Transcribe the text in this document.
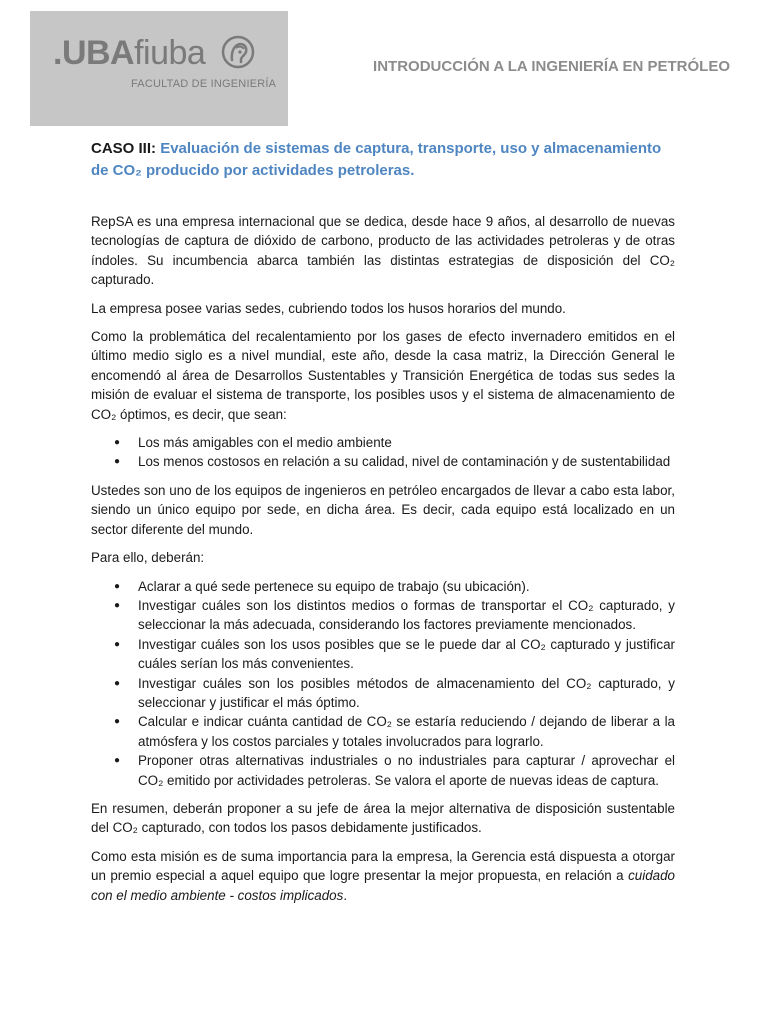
.UBAfiuba
FACULTAD DE INGENIERÍA
INTRODUCCIÓN A LA INGENIERÍA EN PETRÓLEO
CASO III: Evaluación de sistemas de captura, transporte, uso y almacenamiento de CO₂ producido por actividades petroleras.

RepSA es una empresa internacional que se dedica, desde hace 9 años, al desarrollo de nuevas tecnologías de captura de dióxido de carbono, producto de las actividades petroleras y de otras índoles. Su incumbencia abarca también las distintas estrategias de disposición del CO₂ capturado.

La empresa posee varias sedes, cubriendo todos los husos horarios del mundo.

Como la problemática del recalentamiento por los gases de efecto invernadero emitidos en el último medio siglo es a nivel mundial, este año, desde la casa matriz, la Dirección General le encomendó al área de Desarrollos Sustentables y Transición Energética de todas sus sedes la misión de evaluar el sistema de transporte, los posibles usos y el sistema de almacenamiento de CO₂ óptimos, es decir, que sean:

● Los más amigables con el medio ambiente
● Los menos costosos en relación a su calidad, nivel de contaminación y de sustentabilidad

Ustedes son uno de los equipos de ingenieros en petróleo encargados de llevar a cabo esta labor, siendo un único equipo por sede, en dicha área. Es decir, cada equipo está localizado en un sector diferente del mundo.

Para ello, deberán:

● Aclarar a qué sede pertenece su equipo de trabajo (su ubicación).
● Investigar cuáles son los distintos medios o formas de transportar el CO₂ capturado, y seleccionar la más adecuada, considerando los factores previamente mencionados.
● Investigar cuáles son los usos posibles que se le puede dar al CO₂ capturado y justificar cuáles serían los más convenientes.
● Investigar cuáles son los posibles métodos de almacenamiento del CO₂ capturado, y seleccionar y justificar el más óptimo.
● Calcular e indicar cuánta cantidad de CO₂ se estaría reduciendo / dejando de liberar a la atmósfera y los costos parciales y totales involucrados para lograrlo.
● Proponer otras alternativas industriales o no industriales para capturar / aprovechar el CO₂ emitido por actividades petroleras. Se valora el aporte de nuevas ideas de captura.

En resumen, deberán proponer a su jefe de área la mejor alternativa de disposición sustentable del CO₂ capturado, con todos los pasos debidamente justificados.

Como esta misión es de suma importancia para la empresa, la Gerencia está dispuesta a otorgar un premio especial a aquel equipo que logre presentar la mejor propuesta, en relación a cuidado con el medio ambiente - costos implicados.
